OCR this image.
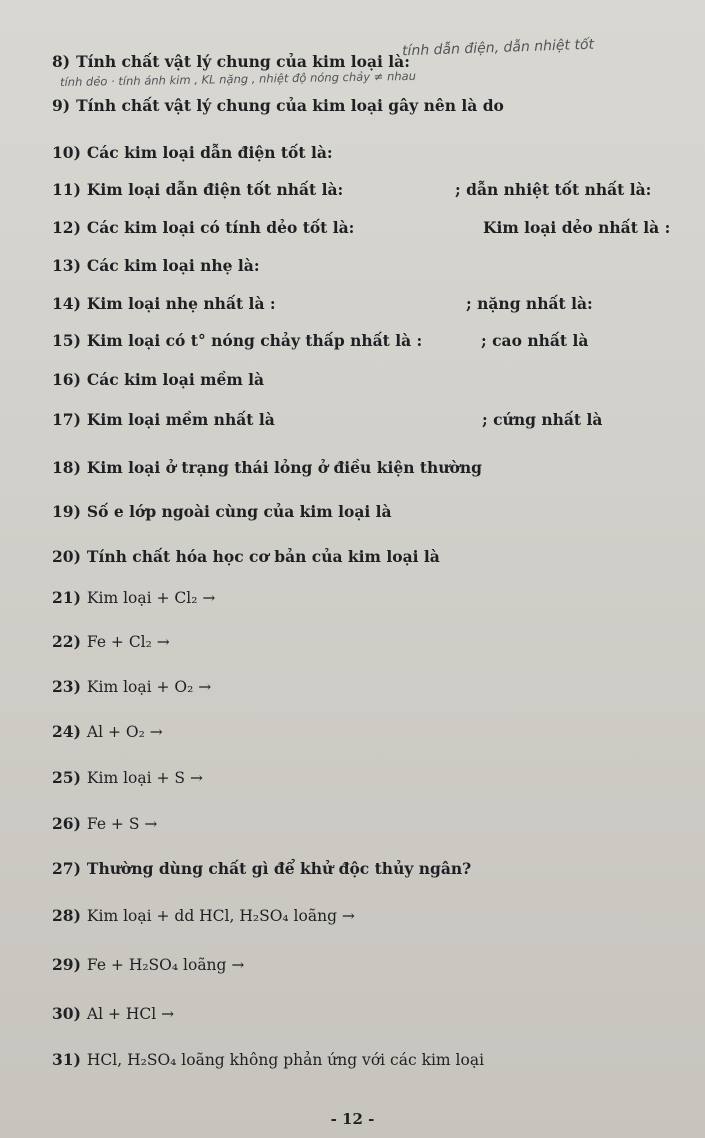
tính dẫn điện, dẫn nhiệt tốt
tính dẻo · tính ánh kim , KL nặng , nhiệt độ nóng chảy ≠ nhau
8) Tính chất vật lý chung của kim loại là:
9) Tính chất vật lý chung của kim loại gây nên là do
10) Các kim loại dẫn điện tốt là:
11) Kim loại dẫn điện tốt nhất là:	; dẫn nhiệt tốt nhất là:
12) Các kim loại có tính dẻo tốt là:	Kim loại dẻo nhất là :
13) Các kim loại nhẹ là:
14) Kim loại nhẹ nhất là :	; nặng nhất là:
15) Kim loại có t° nóng chảy thấp nhất là :	; cao nhất là
16) Các kim loại mềm là
17) Kim loại mềm nhất là	; cứng nhất là
18) Kim loại ở trạng thái lỏng ở điều kiện thường
19) Số e lớp ngoài cùng của kim loại là
20) Tính chất hóa học cơ bản của kim loại là
21) Kim loại + Cl₂ →
22) Fe + Cl₂ →
23) Kim loại + O₂ →
24) Al + O₂ →
25) Kim loại + S →
26) Fe + S →
27) Thường dùng chất gì để khử độc thủy ngân?
28) Kim loại + dd HCl, H₂SO₄ loãng →
29) Fe + H₂SO₄ loãng →
30) Al + HCl →
31) HCl, H₂SO₄ loãng không phản ứng với các kim loại
- 12 -
